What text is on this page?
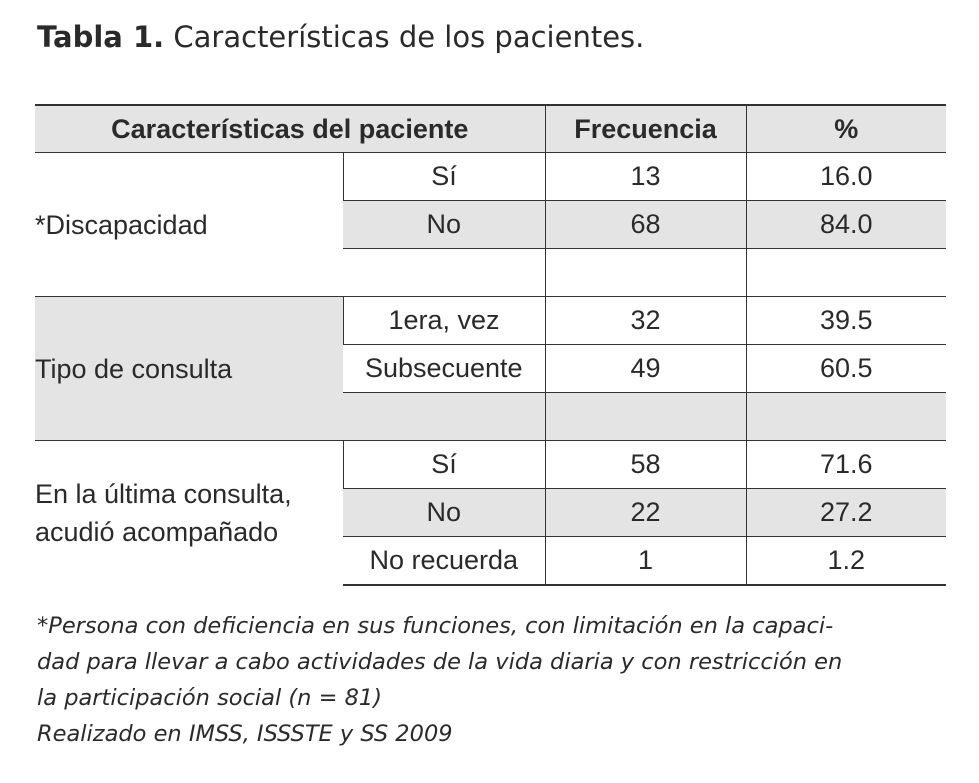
Tabla 1. Características de los pacientes.
Características del paciente		Frecuencia	%
*Discapacidad	Sí	13	16.0
	No	68	84.0

Tipo de consulta	1era, vez	32	39.5
	Subsecuente	49	60.5

En la última consulta,
acudió acompañado	Sí	58	71.6
	No	22	27.2
	No recuerda	1	1.2
*Persona con deficiencia en sus funciones, con limitación en la capaci-
dad para llevar a cabo actividades de la vida diaria y con restricción en
la participación social (n = 81)
Realizado en IMSS, ISSSTE y SS 2009
